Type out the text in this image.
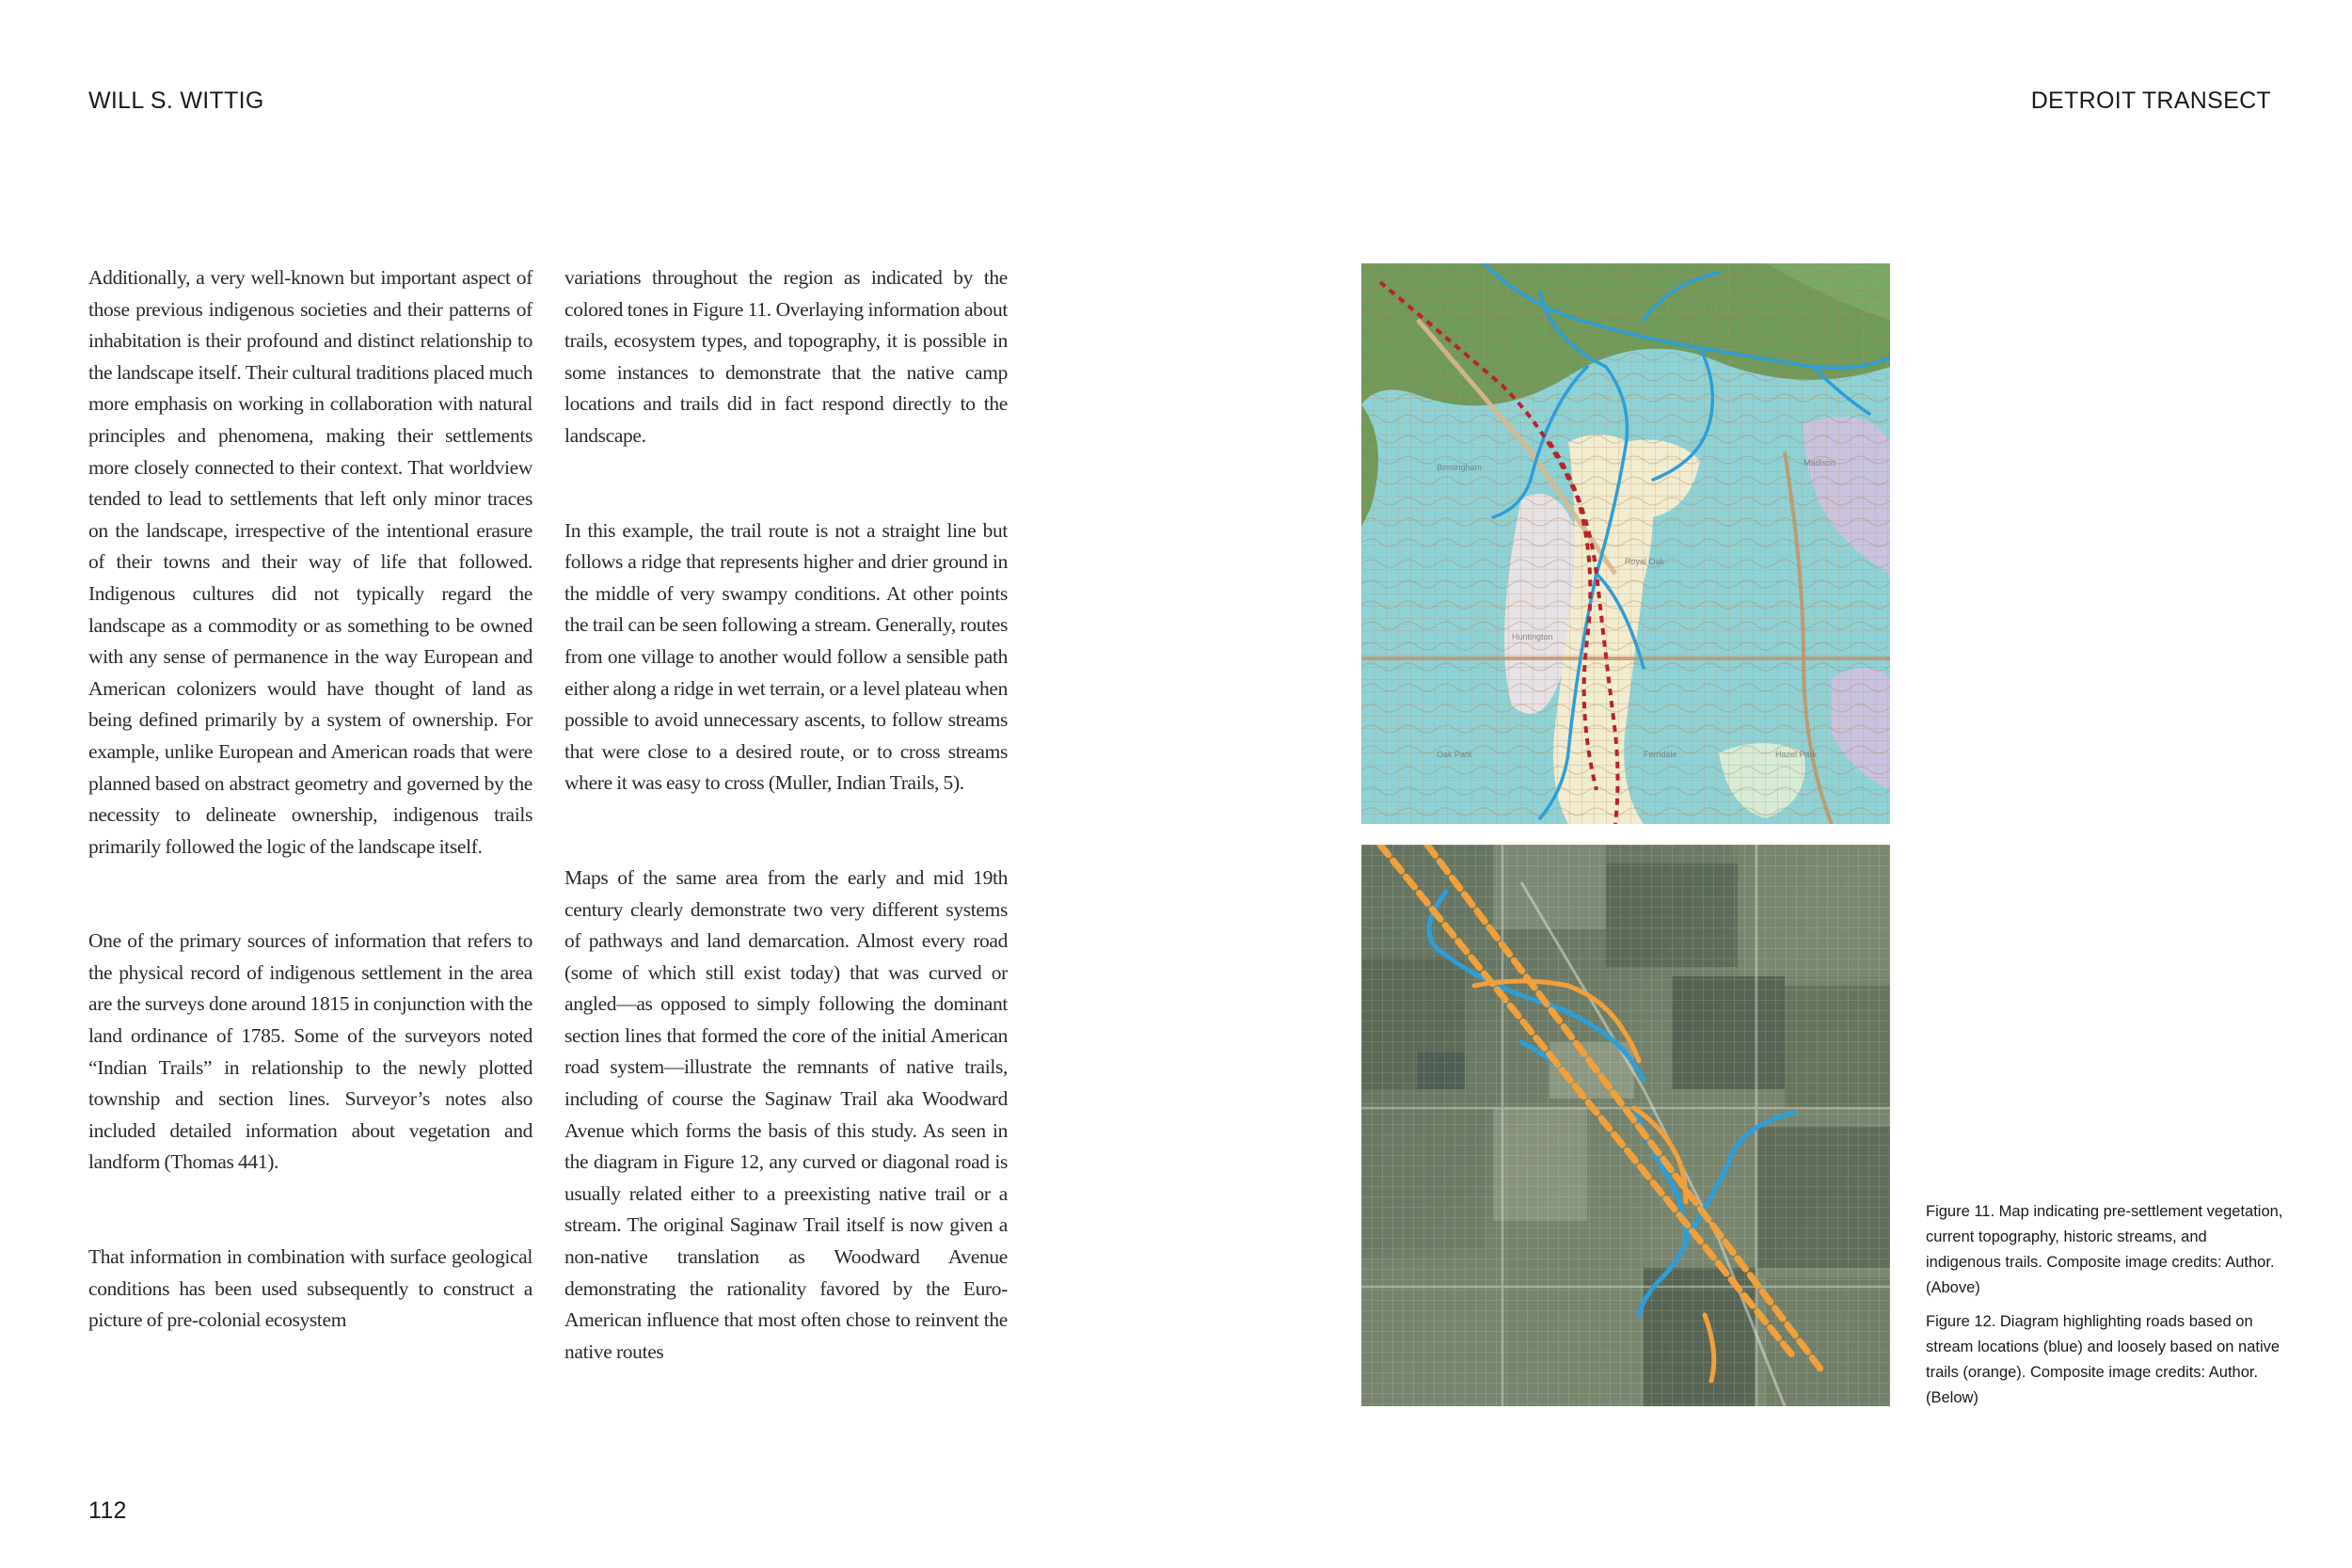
WILL S. WITTIG	DETROIT TRANSECT

Additionally, a very well-known but important aspect of those previous indigenous societies and their patterns of inhabitation is their profound and distinct relationship to the landscape itself. Their cultural traditions placed much more emphasis on working in collaboration with natural principles and phenomena, making their settlements more closely connected to their context. That worldview tended to lead to settlements that left only minor traces on the landscape, irrespective of the intentional erasure of their towns and their way of life that followed. Indigenous cultures did not typically regard the landscape as a commodity or as something to be owned with any sense of permanence in the way European and American colonizers would have thought of land as being defined primarily by a system of ownership. For example, unlike European and American roads that were planned based on abstract geometry and governed by the necessity to delineate ownership, indigenous trails primarily followed the logic of the landscape itself.

One of the primary sources of information that refers to the physical record of indigenous settlement in the area are the surveys done around 1815 in conjunction with the land ordinance of 1785. Some of the surveyors noted “Indian Trails” in relationship to the newly plotted township and section lines. Surveyor’s notes also included detailed information about vegetation and landform (Thomas 441).

That information in combination with surface geological conditions has been used subsequently to construct a picture of pre-colonial ecosystem

variations throughout the region as indicated by the colored tones in Figure 11. Overlaying information about trails, ecosystem types, and topography, it is possible in some instances to demonstrate that the native camp locations and trails did in fact respond directly to the landscape.

In this example, the trail route is not a straight line but follows a ridge that represents higher and drier ground in the middle of very swampy conditions. At other points the trail can be seen following a stream. Generally, routes from one village to another would follow a sensible path either along a ridge in wet terrain, or a level plateau when possible to avoid unnecessary ascents, to follow streams that were close to a desired route, or to cross streams where it was easy to cross (Muller, Indian Trails, 5).

Maps of the same area from the early and mid 19th century clearly demonstrate two very different systems of pathways and land demarcation. Almost every road (some of which still exist today) that was curved or angled—as opposed to simply following the dominant section lines that formed the core of the initial American road system—illustrate the remnants of native trails, including of course the Saginaw Trail aka Woodward Avenue which forms the basis of this study. As seen in the diagram in Figure 12, any curved or diagonal road is usually related either to a preexisting native trail or a stream. The original Saginaw Trail itself is now given a non-native translation as Woodward Avenue demonstrating the rationality favored by the Euro-American influence that most often chose to reinvent the native routes

Birmingham	Madison
Royal Oak
Huntington
Oak Park	Ferndale	Hazel Park

Figure 11. Map indicating pre-settlement vegetation, current topography, historic streams, and indigenous trails. Composite image credits: Author. (Above)

Figure 12. Diagram highlighting roads based on stream locations (blue) and loosely based on native trails (orange). Composite image credits: Author. (Below)

112
